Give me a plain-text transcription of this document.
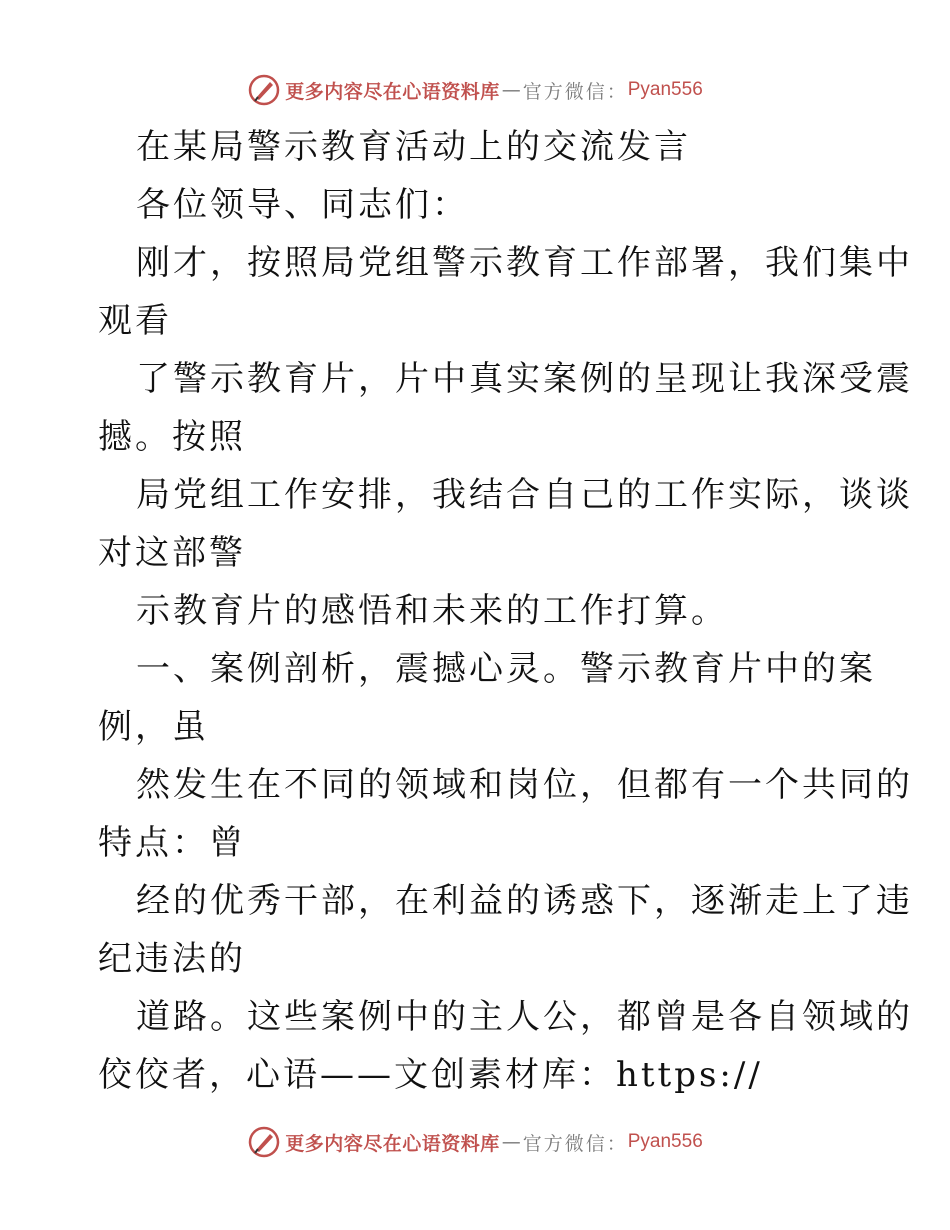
更多内容尽在心语资料库 — 官方微信： Pyan556
在某局警示教育活动上的交流发言
各位领导、同志们：
刚才，按照局党组警示教育工作部署，我们集中
观看
了警示教育片，片中真实案例的呈现让我深受震
撼。按照
局党组工作安排，我结合自己的工作实际，谈谈
对这部警
示教育片的感悟和未来的工作打算。
一、案例剖析，震撼心灵。警示教育片中的案
例，虽
然发生在不同的领域和岗位，但都有一个共同的
特点：曾
经的优秀干部，在利益的诱惑下，逐渐走上了违
纪违法的
道路。这些案例中的主人公，都曾是各自领域的
佼佼者，心语——文创素材库：https://
更多内容尽在心语资料库 — 官方微信： Pyan556
